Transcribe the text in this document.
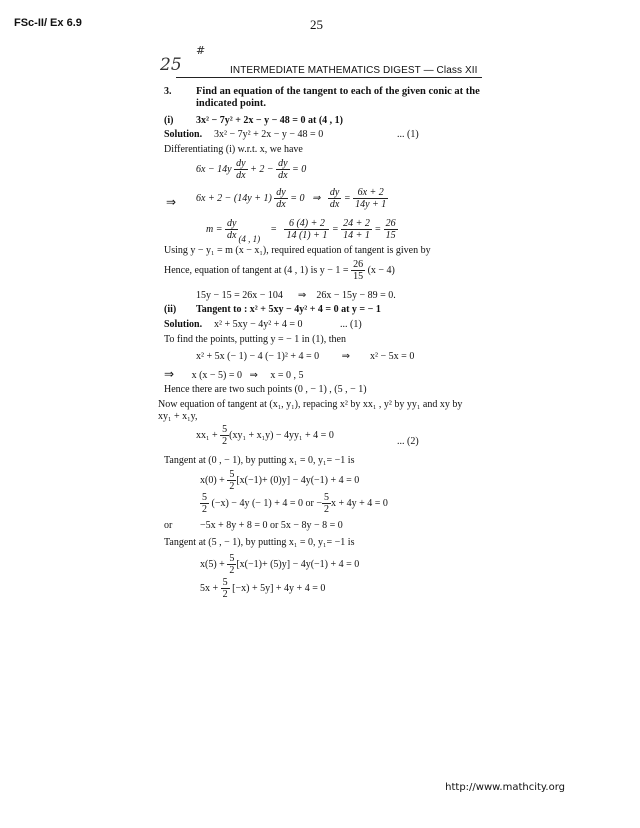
FSc-II/ Ex 6.9	25
25
#
INTERMEDIATE MATHEMATICS DIGEST — Class XII
3. Find an equation of the tangent to each of the given conic at the
indicated point.
(i) 3x² − 7y² + 2x − y − 48 = 0 at (4 , 1)
Solution. 3x² − 7y² + 2x − y − 48 = 0	... (1)
Differentiating (i) w.r.t. x, we have
$6x - 14y \frac{dy}{dx} + 2 - \frac{dy}{dx} = 0$
⇒ $6x + 2 - (14y + 1) \frac{dy}{dx} = 0$ ⇒ $\frac{dy}{dx} = \frac{6x + 2}{14y + 1}$
$m = \frac{dy}{dx} (4$ , 1)    = $\frac{6 (4) + 2}{14 (1) + 1} = \frac{24 + 2}{14 + 1} = \frac{26}{15}$
Using y − y₁ = m (x − x₁), required equation of tangent is given by
Hence, equation of tangent at (4 , 1) is $y - 1 = \frac{26}{15} (x - 4)$
15y − 15 = 26x − 104 ⇒ 26x − 15y − 89 = 0.
(ii) Tangent to : x² + 5xy − 4y² + 4 = 0 at y = − 1
Solution. x² + 5xy − 4y² + 4 = 0	... (1)
To find the points, putting y = − 1 in (1), then
x² + 5x (− 1) − 4 (− 1)² + 4 = 0 ⇒ x² − 5x = 0
⇒ x (x − 5) = 0 ⇒ x = 0 , 5
Hence there are two such points (0 , − 1) , (5 , − 1)
Now equation of tangent at (x₁, y₁), repacing x² by xx₁ , y² by yy₁ and xy by
xy₁ + x₁y,
$xx_1 + \frac{5}{2} (xy_1 + x_1y) - 4yy_1 + 4 = 0$
... (2)
Tangent at (0 , − 1), by putting x₁ = 0, y₁= −1 is
$x(0) + \frac{5}{2} [x(-1)+ (0)y] - 4y(-1) + 4 = 0$
$\frac{5}{2} (-x) - 4y$ (− 1) + 4 = 0 or − $\frac{5}{2}$ x + 4y + 4 = 0
or	−5x + 8y + 8 = 0 or 5x − 8y − 8 = 0
Tangent at (5 , − 1), by putting x₁ = 0, y₁= −1 is
$x(5) + \frac{5}{2} [x(-1)+ (5)y] - 4y(-1) + 4 = 0$
$5x + \frac{5}{2} [-x) + 5y] + 4y + 4 = 0$
http://www.mathcity.org
